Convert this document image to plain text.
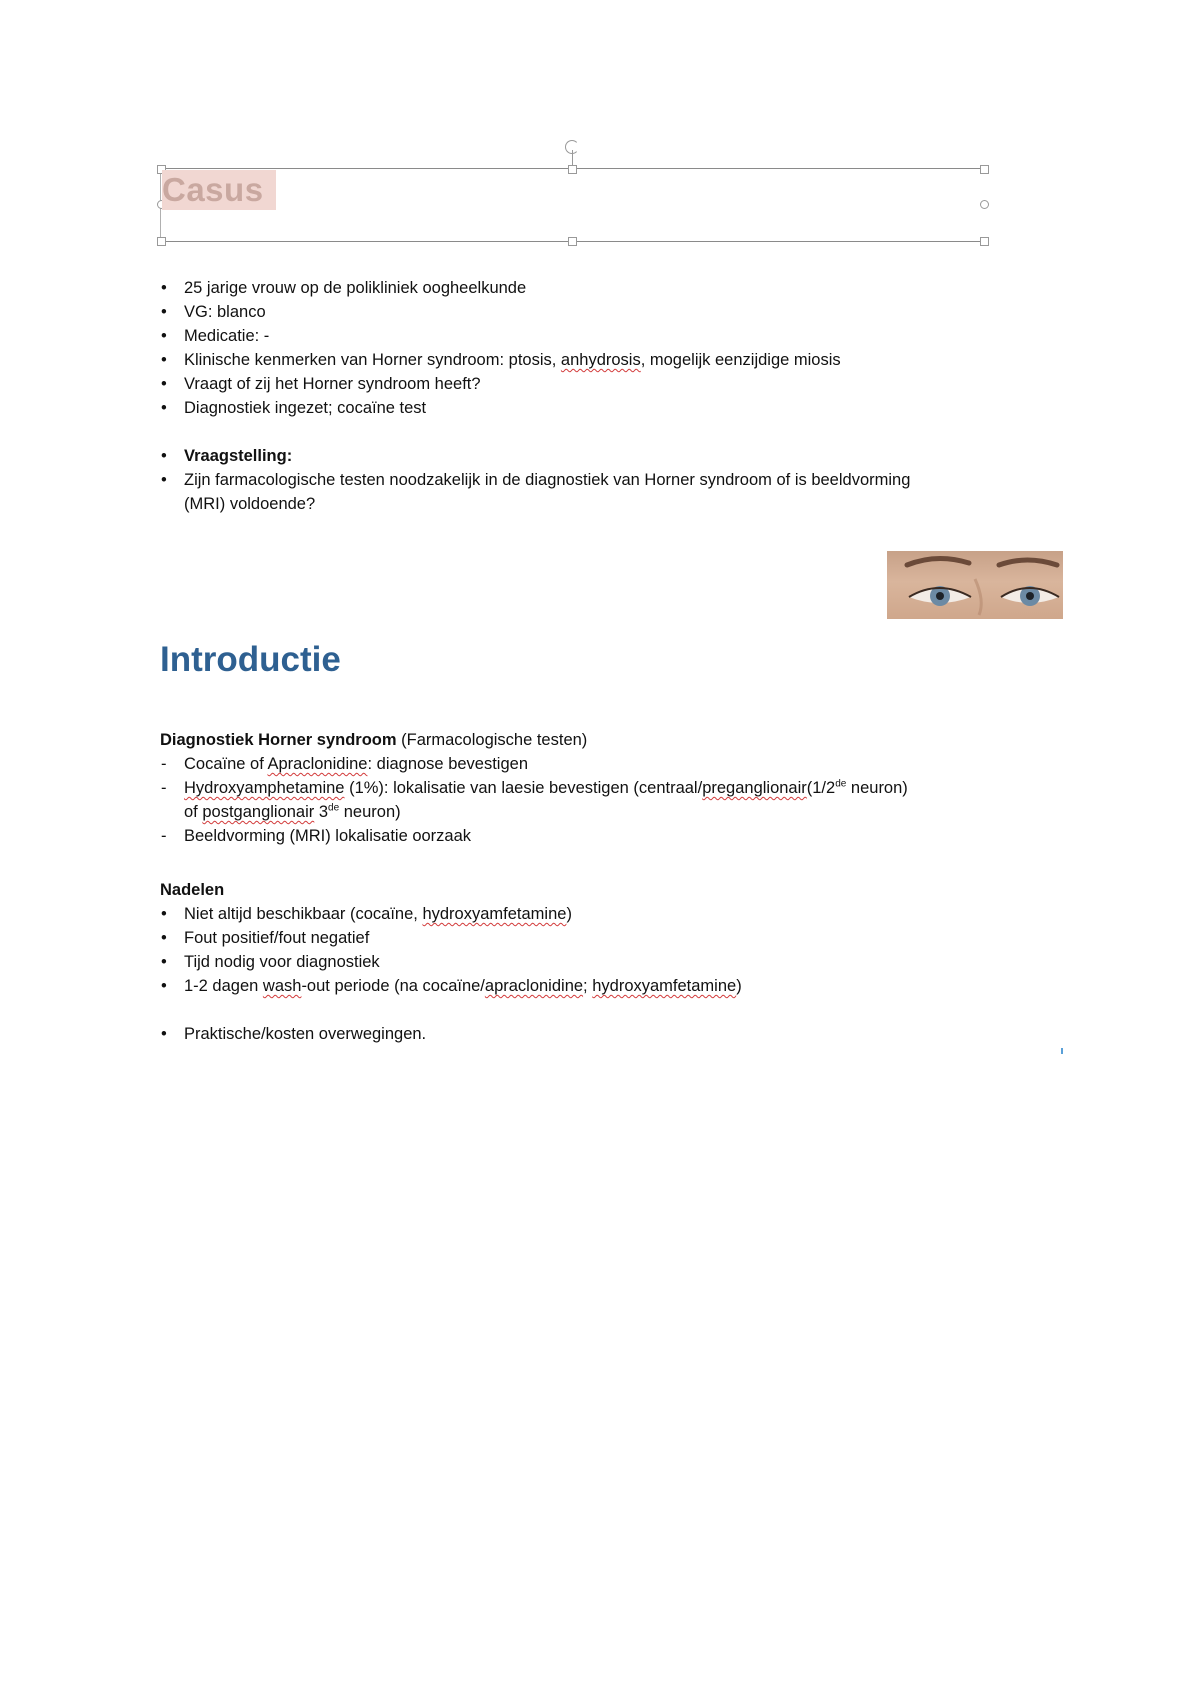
Casus
• 25 jarige vrouw op de polikliniek oogheelkunde
• VG: blanco
• Medicatie: -
• Klinische kenmerken van Horner syndroom: ptosis, anhydrosis, mogelijk eenzijdige miosis
• Vraagt of zij het Horner syndroom heeft?
• Diagnostiek ingezet; cocaïne test
• Vraagstelling:
• Zijn farmacologische testen noodzakelijk in de diagnostiek van Horner syndroom of is beeldvorming
(MRI) voldoende?
Introductie
Diagnostiek Horner syndroom (Farmacologische testen)
- Cocaïne of Apraclonidine: diagnose bevestigen
- Hydroxyamphetamine (1%): lokalisatie van laesie bevestigen (centraal/preganglionair(1/2de neuron)
of postganglionair 3de neuron)
- Beeldvorming (MRI) lokalisatie oorzaak
Nadelen
• Niet altijd beschikbaar (cocaïne, hydroxyamfetamine)
• Fout positief/fout negatief
• Tijd nodig voor diagnostiek
• 1-2 dagen wash-out periode (na cocaïne/apraclonidine; hydroxyamfetamine)
• Praktische/kosten overwegingen.
